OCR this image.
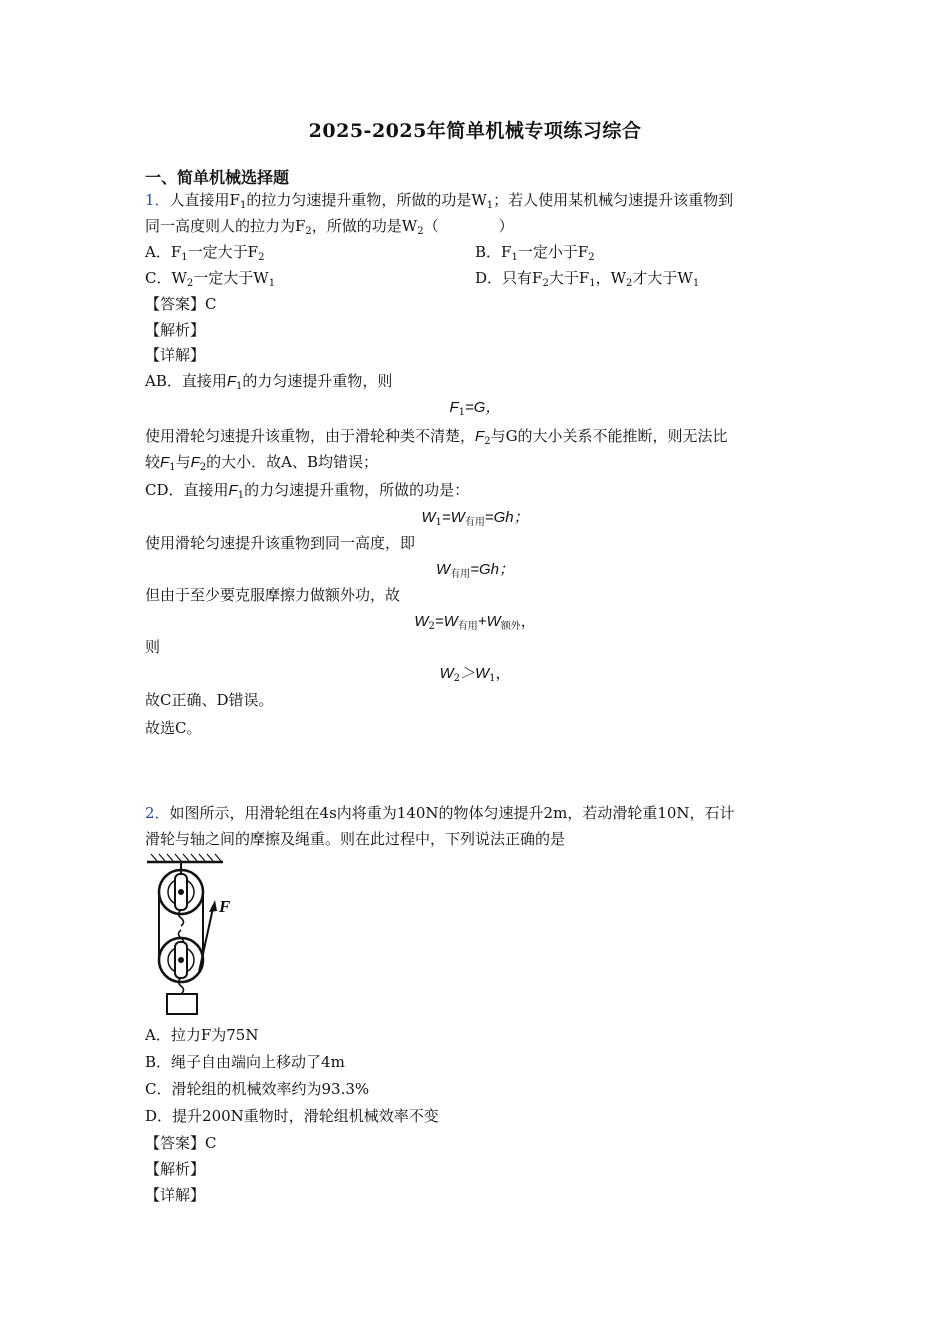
2025-2025年简单机械专项练习综合
一、简单机械选择题
1．人直接用$F_1$的拉力匀速提升重物，所做的功是$W_1$；若人使用某机械匀速提升该重物到
同一高度则人的拉力为$F_2$，所做的功是$W_2$（　　　　）
A．$F_1$一定大于$F_2$	B．$F_1$一定小于$F_2$
C．$W_2$一定大于$W_1$	D．只有$F_2$大于$F_1$，$W_2$才大于$W_1$
【答案】C
【解析】
【详解】
AB．直接用$F_1$的力匀速提升重物，则
$F_1=G$，
使用滑轮匀速提升该重物，由于滑轮种类不清楚，$F_2$与G的大小关系不能推断，则无法比
较$F_1$与$F_2$的大小．故A、B均错误；
CD．直接用$F_1$的力匀速提升重物，所做的功是：
$W_1=W_{有用}=Gh$；
使用滑轮匀速提升该重物到同一高度，即
$W_{有用}=Gh$；
但由于至少要克服摩擦力做额外功，故
$W_2=W_{有用}+W_{额外}$，
则
$W_2>W_1$，
故C正确、D错误。
故选C。
2．如图所示，用滑轮组在4s内将重为140N的物体匀速提升2m，若动滑轮重10N，石计
滑轮与轴之间的摩擦及绳重。则在此过程中，下列说法正确的是
F
A．拉力F为75N
B．绳子自由端向上移动了4m
C．滑轮组的机械效率约为93.3%
D．提升200N重物时，滑轮组机械效率不变
【答案】C
【解析】
【详解】
